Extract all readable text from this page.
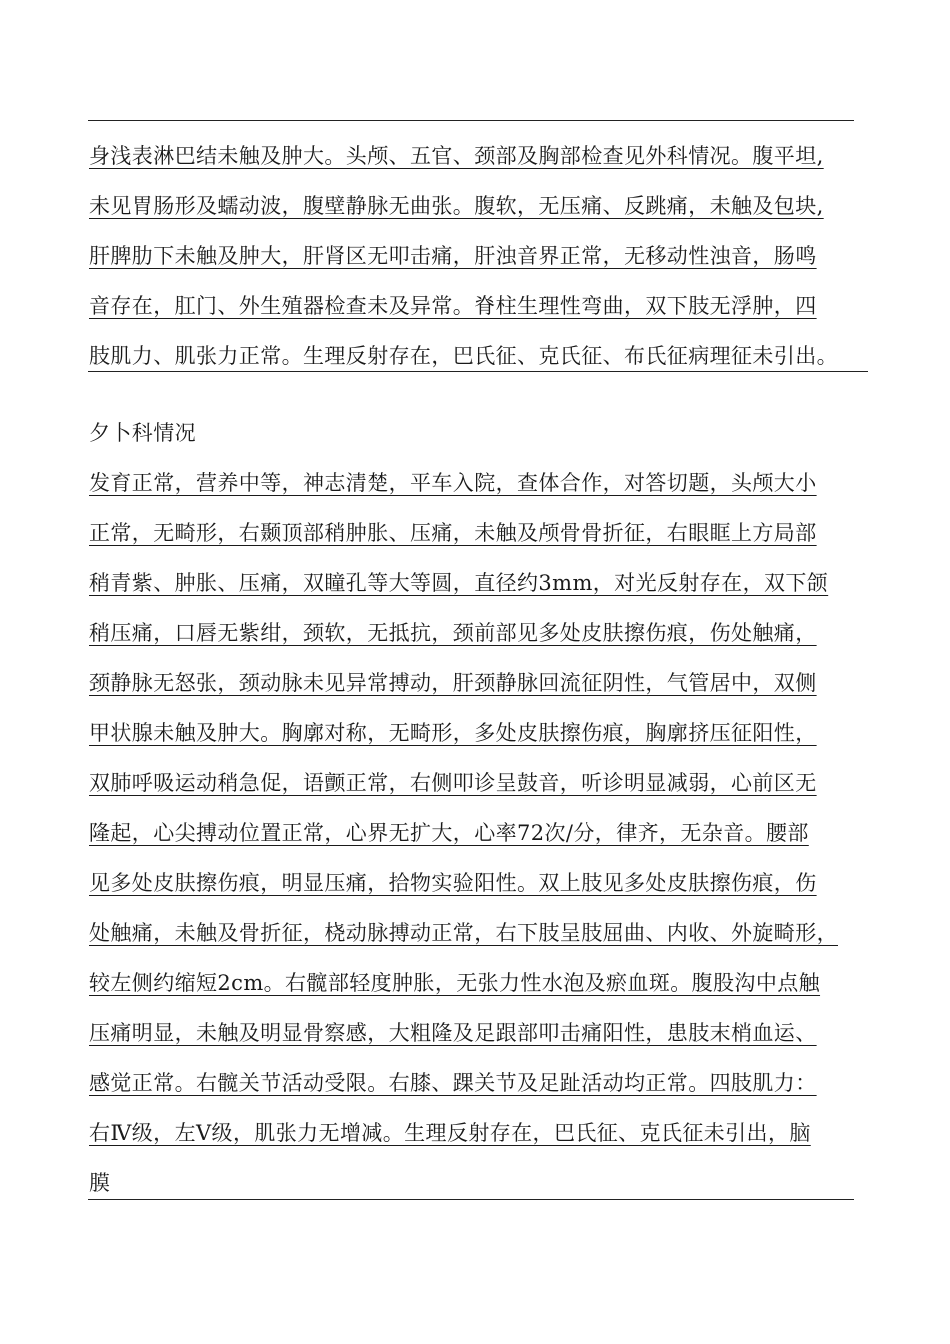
身浅表淋巴结未触及肿大。头颅、五官、颈部及胸部检查见外科情况。腹平坦,
未见胃肠形及蠕动波，腹壁静脉无曲张。腹软，无压痛、反跳痛，未触及包块,
肝脾肋下未触及肿大，肝肾区无叩击痛，肝浊音界正常，无移动性浊音，肠鸣
音存在，肛门、外生殖器检查未及异常。脊柱生理性弯曲，双下肢无浮肿，四
肢肌力、肌张力正常。生理反射存在，巴氏征、克氏征、布氏征病理征未引出。
夕卜科情况
发育正常，营养中等，神志清楚，平车入院，查体合作，对答切题，头颅大小
正常，无畸形，右颞顶部稍肿胀、压痛，未触及颅骨骨折征，右眼眶上方局部
稍青紫、肿胀、压痛，双瞳孔等大等圆，直径约3mm，对光反射存在，双下颌
稍压痛，口唇无紫绀，颈软，无抵抗，颈前部见多处皮肤擦伤痕，伤处触痛，
颈静脉无怒张，颈动脉未见异常搏动，肝颈静脉回流征阴性，气管居中，双侧
甲状腺未触及肿大。胸廓对称，无畸形，多处皮肤擦伤痕，胸廓挤压征阳性，
双肺呼吸运动稍急促，语颤正常，右侧叩诊呈鼓音，听诊明显减弱，心前区无
隆起，心尖搏动位置正常，心界无扩大，心率72次/分，律齐，无杂音。腰部
见多处皮肤擦伤痕，明显压痛，拾物实验阳性。双上肢见多处皮肤擦伤痕，伤
处触痛，未触及骨折征，桡动脉搏动正常，右下肢呈肢屈曲、内收、外旋畸形，
较左侧约缩短2cm。右髋部轻度肿胀，无张力性水泡及瘀血斑。腹股沟中点触
压痛明显，未触及明显骨察感，大粗隆及足跟部叩击痛阳性，患肢末梢血运、
感觉正常。右髋关节活动受限。右膝、踝关节及足趾活动均正常。四肢肌力：
右Ⅳ级，左Ⅴ级，肌张力无增减。生理反射存在，巴氏征、克氏征未引出，脑
膜
